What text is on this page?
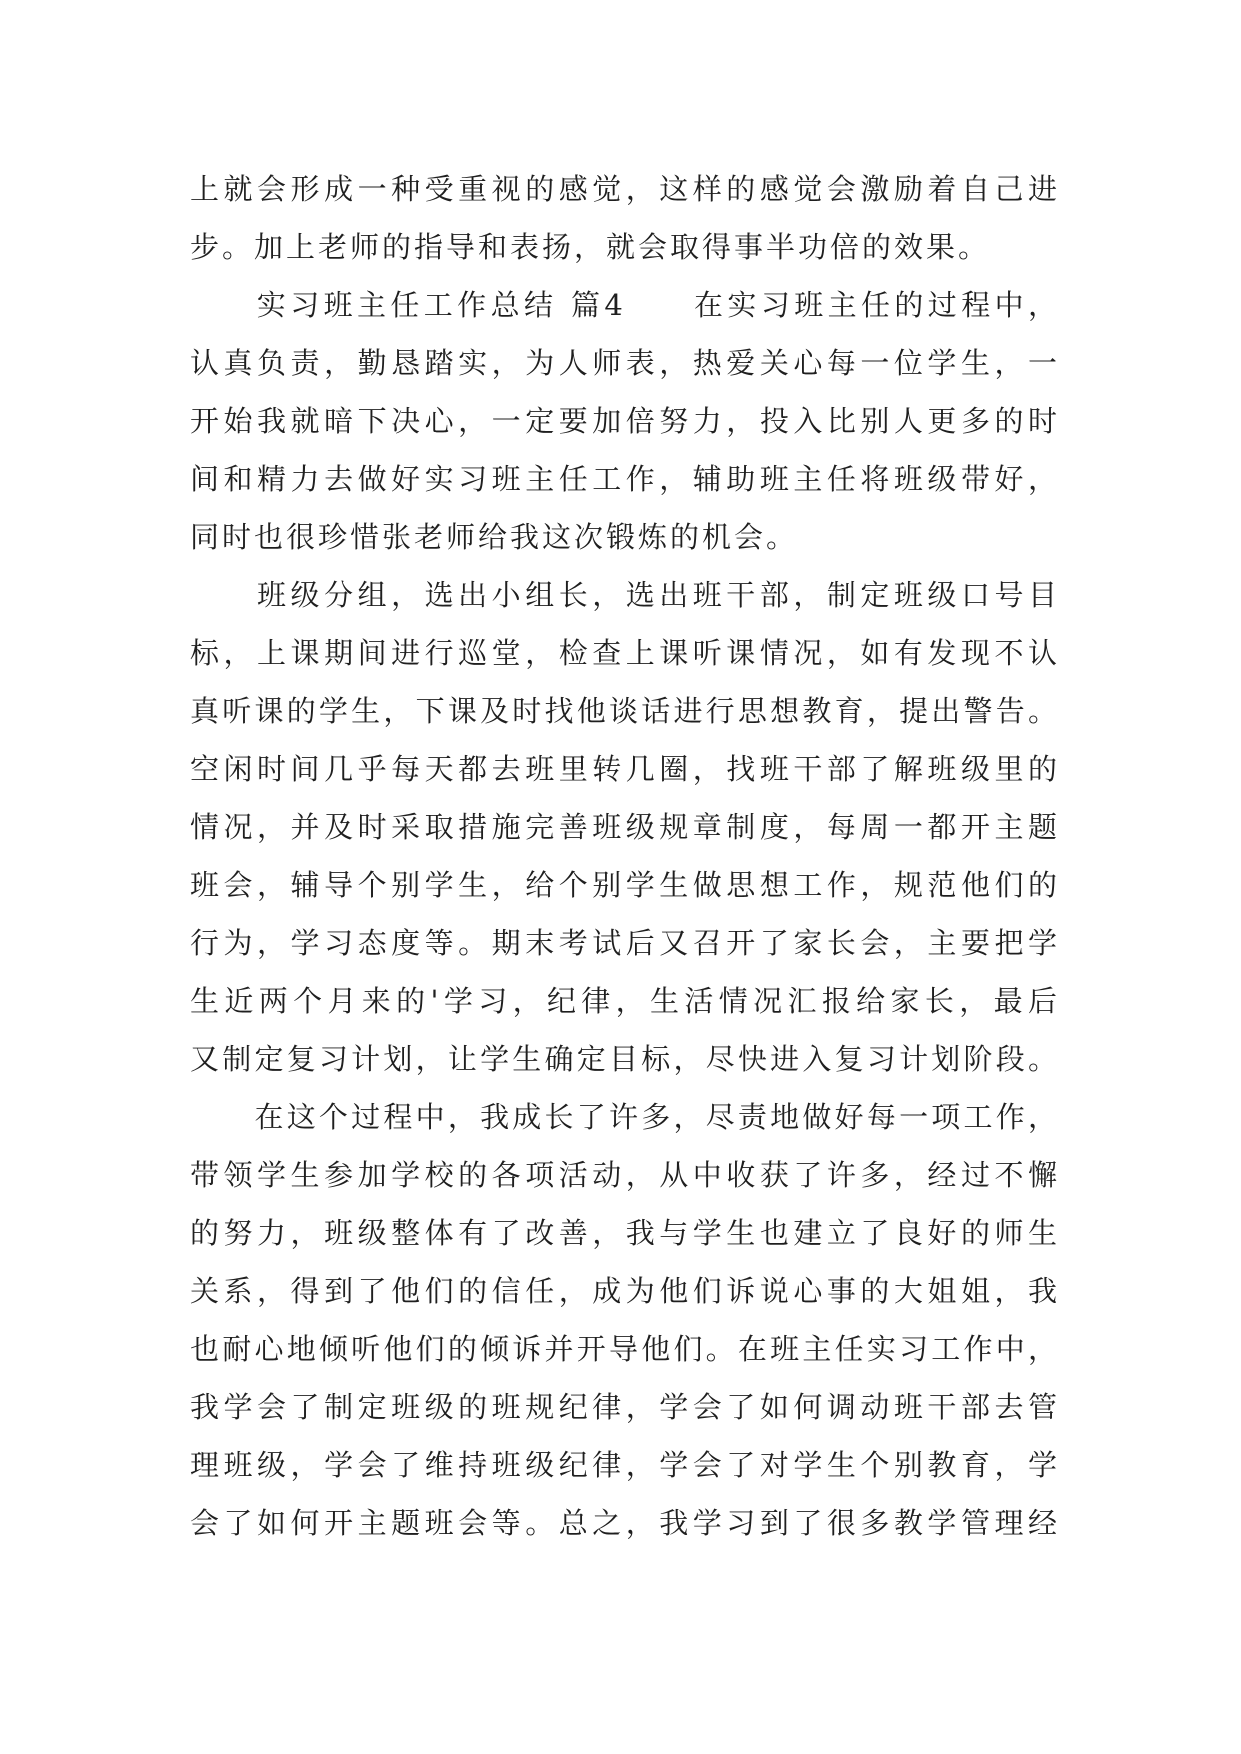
上就会形成一种受重视的感觉，这样的感觉会激励着自己进
步。加上老师的指导和表扬，就会取得事半功倍的效果。
　　实习班主任工作总结 篇4　　在实习班主任的过程中，
认真负责，勤恳踏实，为人师表，热爱关心每一位学生，一
开始我就暗下决心，一定要加倍努力，投入比别人更多的时
间和精力去做好实习班主任工作，辅助班主任将班级带好，
同时也很珍惜张老师给我这次锻炼的机会。
　　班级分组，选出小组长，选出班干部，制定班级口号目
标，上课期间进行巡堂，检查上课听课情况，如有发现不认
真听课的学生，下课及时找他谈话进行思想教育，提出警告。
空闲时间几乎每天都去班里转几圈，找班干部了解班级里的
情况，并及时采取措施完善班级规章制度，每周一都开主题
班会，辅导个别学生，给个别学生做思想工作，规范他们的
行为，学习态度等。期末考试后又召开了家长会，主要把学
生近两个月来的'学习，纪律，生活情况汇报给家长，最后
又制定复习计划，让学生确定目标，尽快进入复习计划阶段。
　　在这个过程中，我成长了许多，尽责地做好每一项工作，
带领学生参加学校的各项活动，从中收获了许多，经过不懈
的努力，班级整体有了改善，我与学生也建立了良好的师生
关系，得到了他们的信任，成为他们诉说心事的大姐姐，我
也耐心地倾听他们的倾诉并开导他们。在班主任实习工作中，
我学会了制定班级的班规纪律，学会了如何调动班干部去管
理班级，学会了维持班级纪律，学会了对学生个别教育，学
会了如何开主题班会等。总之，我学习到了很多教学管理经
